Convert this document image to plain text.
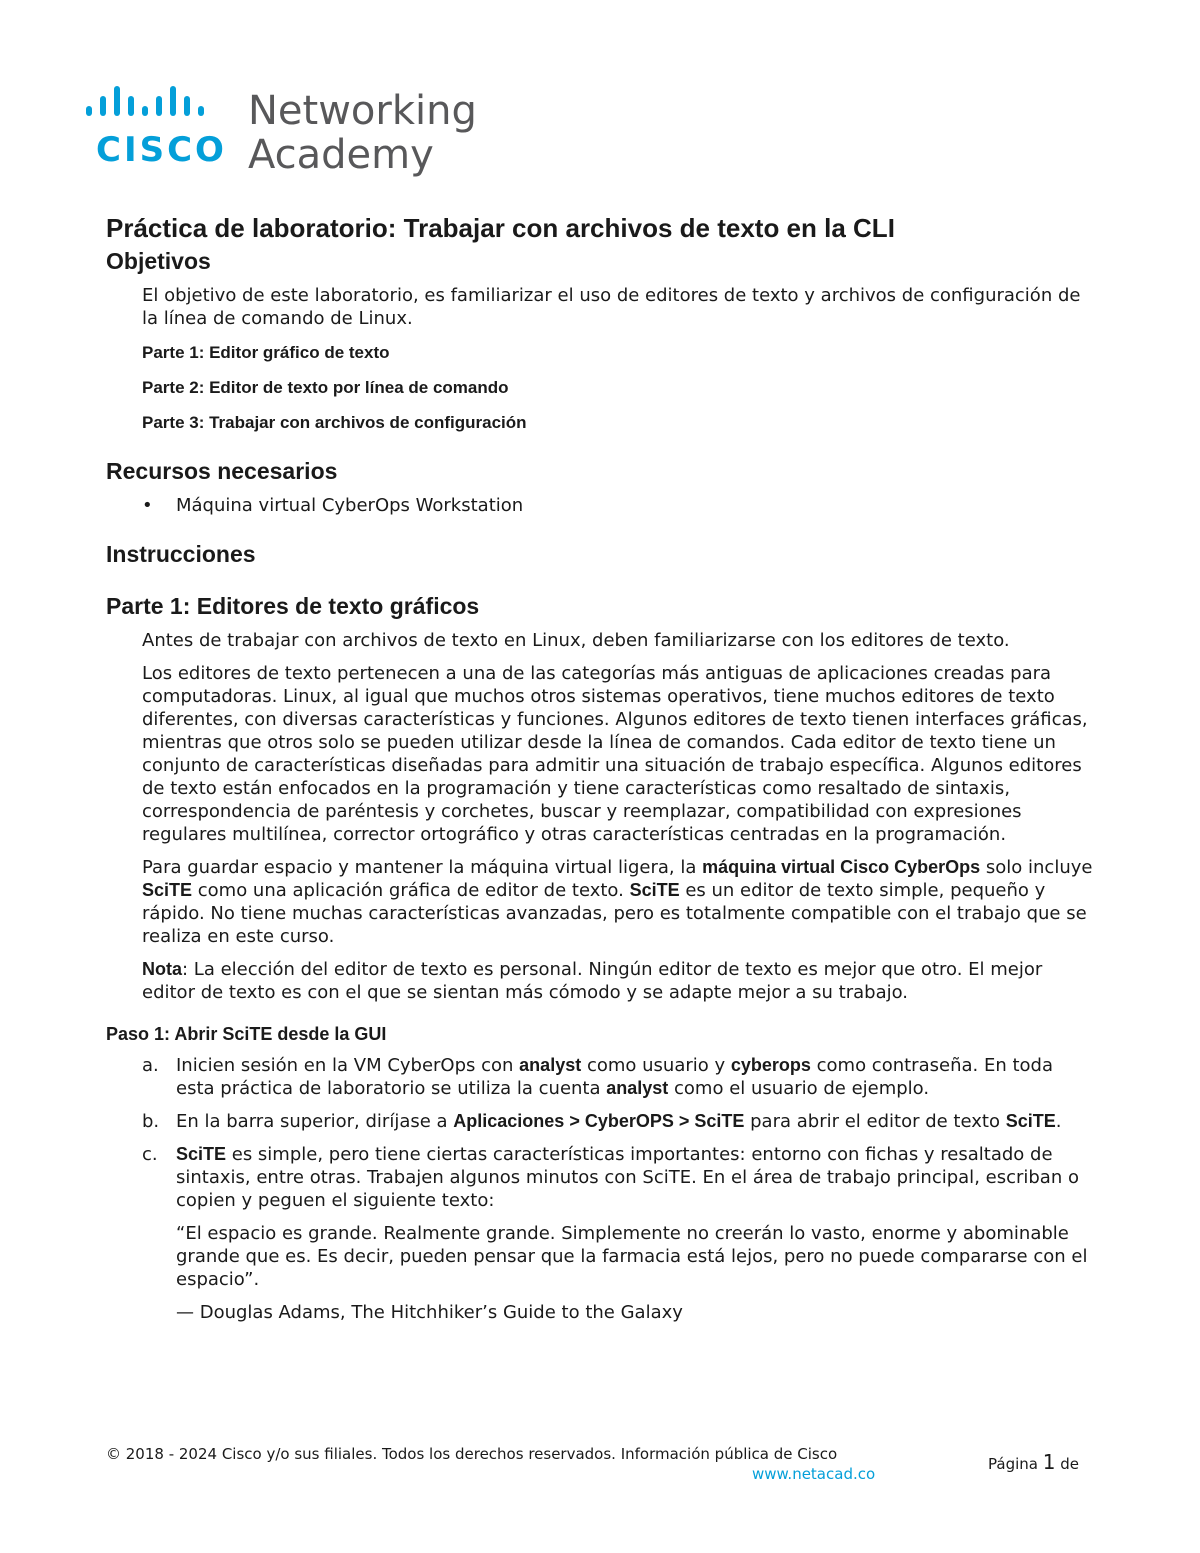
CISCO
Networking
Academy
Práctica de laboratorio: Trabajar con archivos de texto en la CLI
Objetivos

El objetivo de este laboratorio, es familiarizar el uso de editores de texto y archivos de configuración de la línea de comando de Linux.

Parte 1: Editor gráfico de texto

Parte 2: Editor de texto por línea de comando

Parte 3: Trabajar con archivos de configuración

Recursos necesarios
• Máquina virtual CyberOps Workstation
Instrucciones
Parte 1: Editores de texto gráficos

Antes de trabajar con archivos de texto en Linux, deben familiarizarse con los editores de texto.

Los editores de texto pertenecen a una de las categorías más antiguas de aplicaciones creadas para computadoras. Linux, al igual que muchos otros sistemas operativos, tiene muchos editores de texto diferentes, con diversas características y funciones. Algunos editores de texto tienen interfaces gráficas, mientras que otros solo se pueden utilizar desde la línea de comandos. Cada editor de texto tiene un conjunto de características diseñadas para admitir una situación de trabajo específica. Algunos editores de texto están enfocados en la programación y tiene características como resaltado de sintaxis, correspondencia de paréntesis y corchetes, buscar y reemplazar, compatibilidad con expresiones regulares multilínea, corrector ortográfico y otras características centradas en la programación.

Para guardar espacio y mantener la máquina virtual ligera, la máquina virtual Cisco CyberOps solo incluye SciTE como una aplicación gráfica de editor de texto. SciTE es un editor de texto simple, pequeño y rápido. No tiene muchas características avanzadas, pero es totalmente compatible con el trabajo que se realiza en este curso.

Nota: La elección del editor de texto es personal. Ningún editor de texto es mejor que otro. El mejor editor de texto es con el que se sientan más cómodo y se adapte mejor a su trabajo.

Paso 1: Abrir SciTE desde la GUI
a. Inicien sesión en la VM CyberOps con analyst como usuario y cyberops como contraseña. En toda esta práctica de laboratorio se utiliza la cuenta analyst como el usuario de ejemplo.
b. En la barra superior, diríjase a Aplicaciones > CyberOPS > SciTE para abrir el editor de texto SciTE.
c. SciTE es simple, pero tiene ciertas características importantes: entorno con fichas y resaltado de sintaxis, entre otras. Trabajen algunos minutos con SciTE. En el área de trabajo principal, escriban o copien y peguen el siguiente texto:

“El espacio es grande. Realmente grande. Simplemente no creerán lo vasto, enorme y abominable grande que es. Es decir, pueden pensar que la farmacia está lejos, pero no puede compararse con el espacio”.

— Douglas Adams, The Hitchhiker’s Guide to the Galaxy

© 2018 - 2024 Cisco y/o sus filiales. Todos los derechos reservados. Información pública de Cisco
www.netacad.co
Página 1 de
